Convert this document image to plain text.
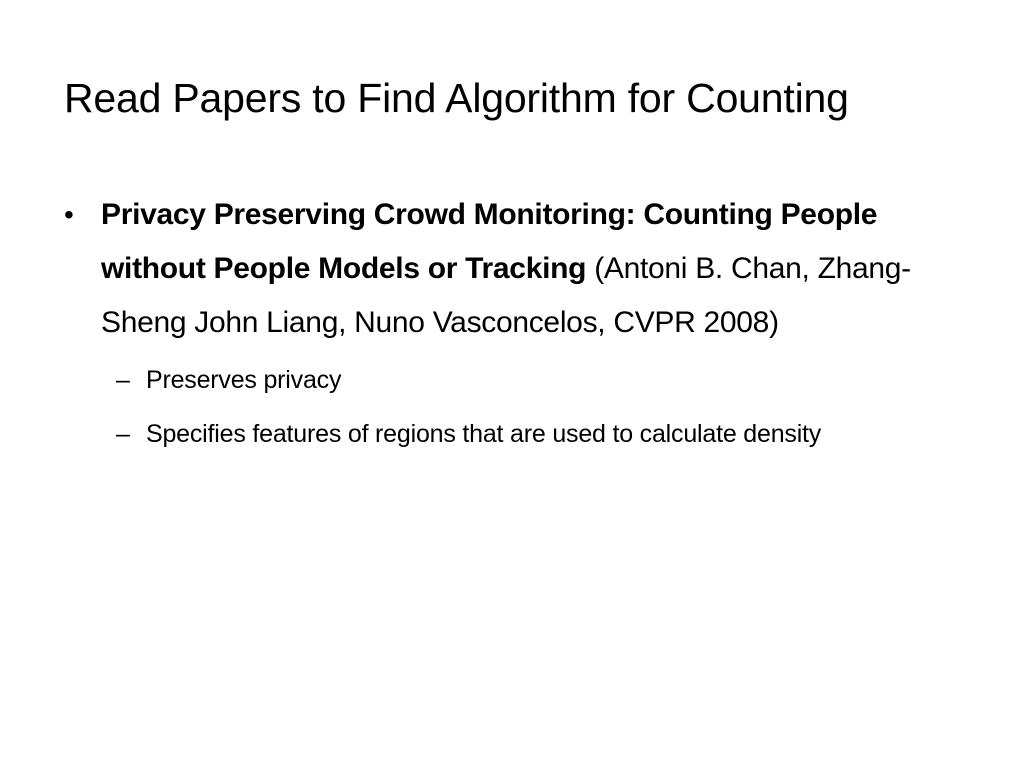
Read Papers to Find Algorithm for Counting
• Privacy Preserving Crowd Monitoring: Counting People without People Models or Tracking (Antoni B. Chan, Zhang-Sheng John Liang, Nuno Vasconcelos, CVPR 2008)
– Preserves privacy
– Specifies features of regions that are used to calculate density
